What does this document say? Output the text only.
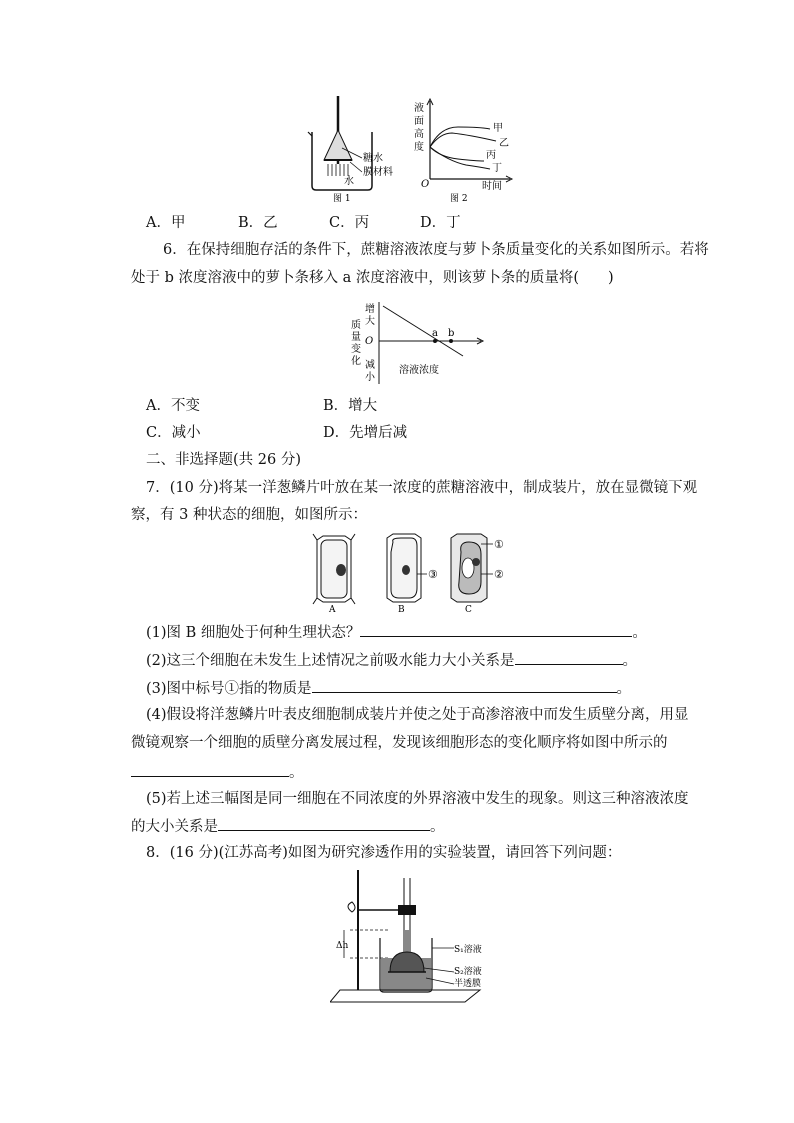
糖水
膜材料
水
图 1
液
面
高
度
甲
乙
丙
丁
O	时间
图 2
A．甲	B．乙	C．丙	D．丁
6．在保持细胞存活的条件下，蔗糖溶液浓度与萝卜条质量变化的关系如图所示。若将
处于 b 浓度溶液中的萝卜条移入 a 浓度溶液中，则该萝卜条的质量将(　　)
增
大
质
量
变
化
O
减
小
a b
溶液浓度
A．不变	B．增大
C．减小	D．先增后减
二、非选择题(共 26 分)
7．(10 分)将某一洋葱鳞片叶放在某一浓度的蔗糖溶液中，制成装片，放在显微镜下观
察，有 3 种状态的细胞，如图所示：
①
②
③
A	B	C
(1)图 B 细胞处于何种生理状态？	。
(2)这三个细胞在未发生上述情况之前吸水能力大小关系是	。
(3)图中标号①指的物质是	。
(4)假设将洋葱鳞片叶表皮细胞制成装片并使之处于高渗溶液中而发生质壁分离，用显
微镜观察一个细胞的质壁分离发展过程，发现该细胞形态的变化顺序将如图中所示的
。
(5)若上述三幅图是同一细胞在不同浓度的外界溶液中发生的现象。则这三种溶液浓度
的大小关系是	。
8．(16 分)(江苏高考)如图为研究渗透作用的实验装置，请回答下列问题：
Δh	S₁溶液
S₂溶液
半透膜
